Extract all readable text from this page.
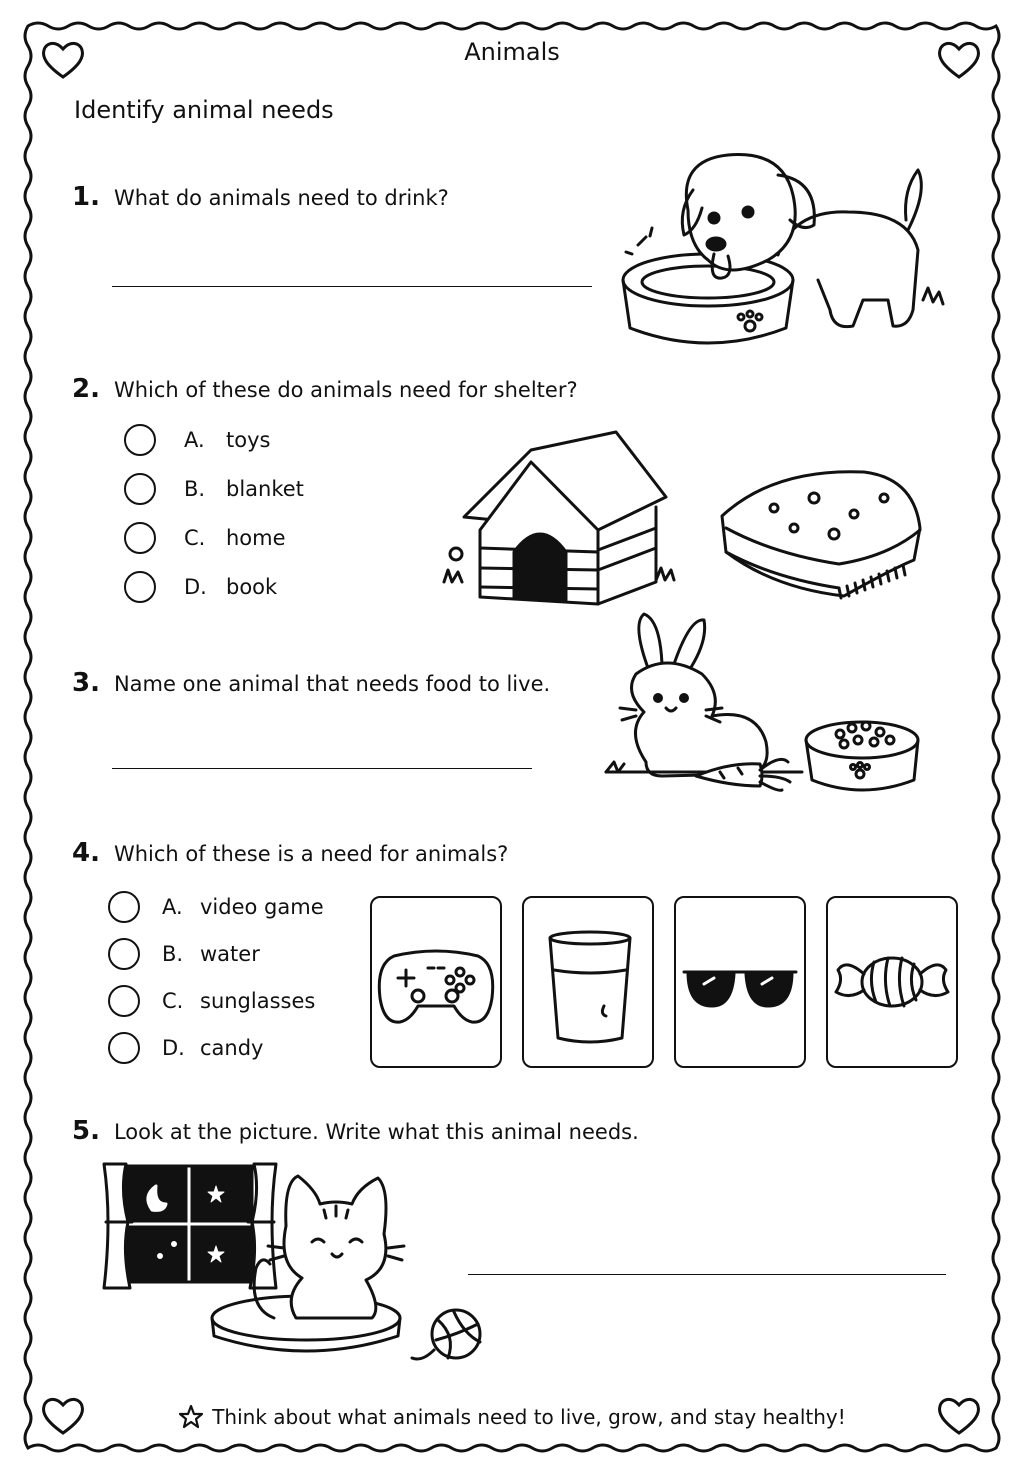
Animals
Identify animal needs
1. What do animals need to drink?
2. Which of these do animals need for shelter?
A.	toys
B. blanket
C. home
D. book
3. Name one animal that needs food to live.
4. Which of these is a need for animals?
A. video game
B. water
C. sunglasses
D. candy
5. Look at the picture. Write what this animal needs.
Think about what animals need to live, grow, and stay healthy!
